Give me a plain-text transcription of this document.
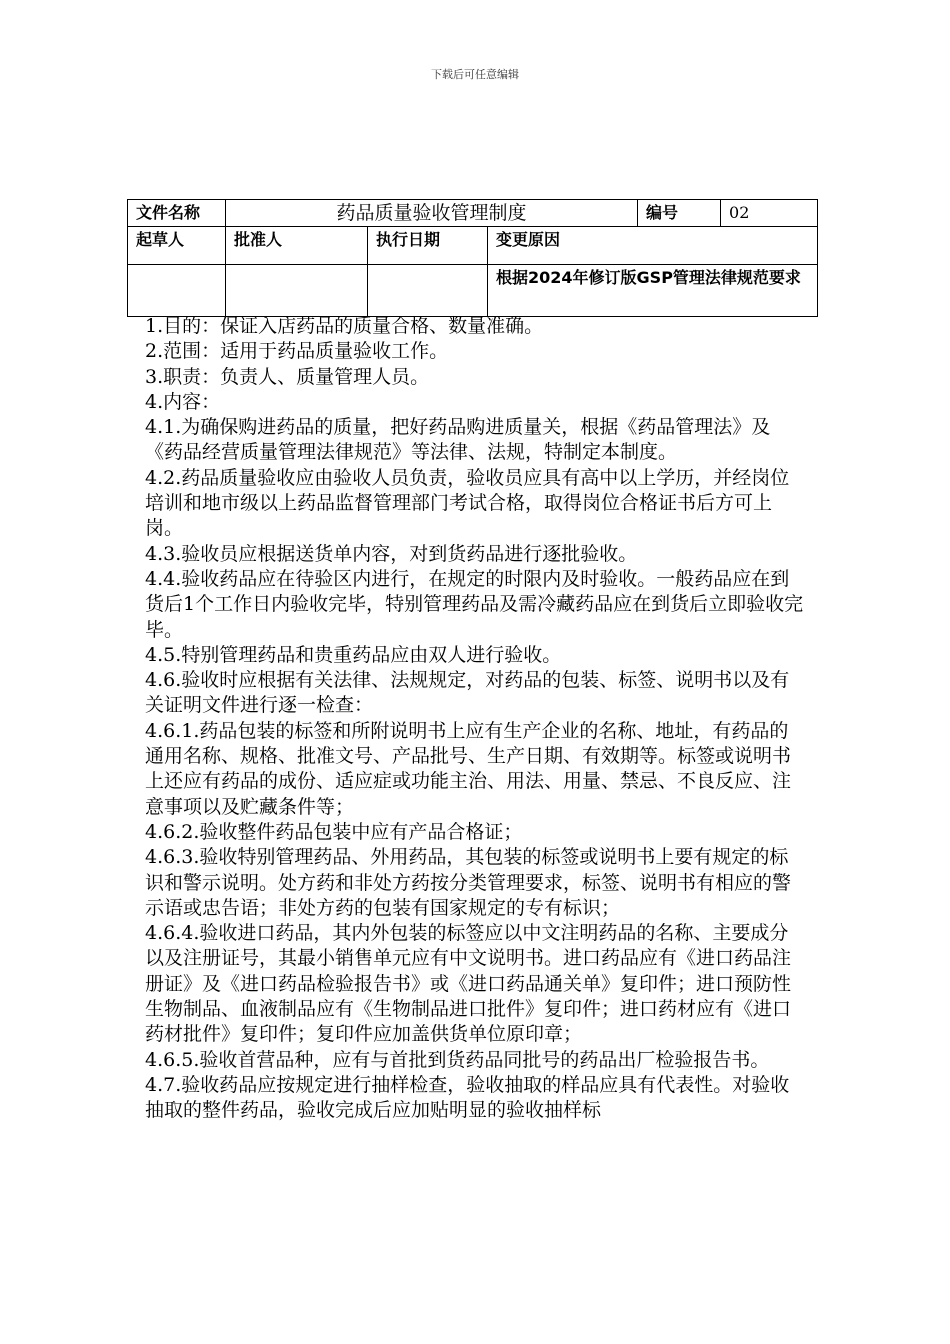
下载后可任意编辑
文件名称	药品质量验收管理制度			编号	02
起草人	批准人	执行日期	变更原因		
			根据2024年修订版GSP管理法律规范要求		

1.目的：保证入店药品的质量合格、数量准确。

2.范围：适用于药品质量验收工作。

3.职责：负责人、质量管理人员。

4.内容：

4.1.为确保购进药品的质量，把好药品购进质量关，根据《药品管理法》及《药品经营质量管理法律规范》等法律、法规，特制定本制度。

4.2.药品质量验收应由验收人员负责，验收员应具有高中以上学历，并经岗位培训和地市级以上药品监督管理部门考试合格，取得岗位合格证书后方可上岗。

4.3.验收员应根据送货单内容，对到货药品进行逐批验收。

4.4.验收药品应在待验区内进行，在规定的时限内及时验收。一般药品应在到货后1个工作日内验收完毕，特别管理药品及需冷藏药品应在到货后立即验收完毕。

4.5.特别管理药品和贵重药品应由双人进行验收。

4.6.验收时应根据有关法律、法规规定，对药品的包装、标签、说明书以及有关证明文件进行逐一检查：

4.6.1.药品包装的标签和所附说明书上应有生产企业的名称、地址，有药品的通用名称、规格、批准文号、产品批号、生产日期、有效期等。标签或说明书上还应有药品的成份、适应症或功能主治、用法、用量、禁忌、不良反应、注意事项以及贮藏条件等；

4.6.2.验收整件药品包装中应有产品合格证；

4.6.3.验收特别管理药品、外用药品，其包装的标签或说明书上要有规定的标识和警示说明。处方药和非处方药按分类管理要求，标签、说明书有相应的警示语或忠告语；非处方药的包装有国家规定的专有标识；

4.6.4.验收进口药品，其内外包装的标签应以中文注明药品的名称、主要成分以及注册证号，其最小销售单元应有中文说明书。进口药品应有《进口药品注册证》及《进口药品检验报告书》或《进口药品通关单》复印件；进口预防性生物制品、血液制品应有《生物制品进口批件》复印件；进口药材应有《进口药材批件》复印件；复印件应加盖供货单位原印章；

4.6.5.验收首营品种，应有与首批到货药品同批号的药品出厂检验报告书。

4.7.验收药品应按规定进行抽样检查，验收抽取的样品应具有代表性。对验收抽取的整件药品，验收完成后应加贴明显的验收抽样标
